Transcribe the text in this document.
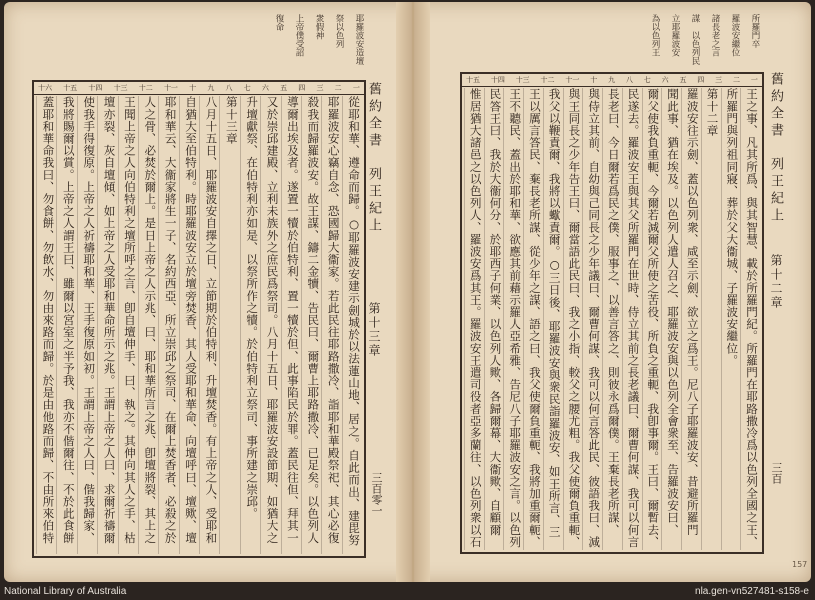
耶羅波安造壇
祭以色列
衆假神
上帝僕受詔
復命
一
二
三
四
五
六
七
八
九
十
十一
十二
十三
十四
十五
十六
從耶和華、遵命而歸。○耶羅波安建示劍城於以法蓮山地、居之。自此而出、建毘努
耶羅波安心竊自念、恐國歸大衞家。若此民往耶路撒冷、詣耶和華殿祭祀、其心必復
殺我而歸羅波安。故王謀、鑄二金犢、告民曰、爾曹上耶路撒冷、已足矣。以色列人
導爾出埃及者。遂置一犢於伯特利、置一犢於但、此事陷民於罪。蓋民往但、拜其一
又於崇邱建殿、立利未族外之庶民爲祭司。八月十五日、耶羅波安設節期、如猶大之
升壇獻祭、在伯特利亦如是、以祭所作之犢。於伯特利立祭司、事所建之崇邱。
第十三章
八月十五日、耶羅波安自擇之日、立節期於伯特利、升壇焚香。有上帝之人、受耶和
自猶大至伯特利。時耶羅波安立於壇旁焚香、其人受耶和華命、向壇呼曰、壇歟、壇
耶和華云、大衞家將生一子、名約西亞、所立崇邱之祭司、在爾上焚香者、必殺之於
人之骨、必焚於爾上。是日上帝之人示兆、曰、耶和華所言之兆、卽壇將裂、其上之
王聞上帝之人向伯特利之壇所呼之言、卽自壇伸手、曰、執之。其伸向其人之手、枯
壇亦裂、灰自壇傾、如上帝之人受耶和華命所示之兆。王謂上帝之人曰、求爾祈禱爾
使我手得復原。上帝之人祈禱耶和華、王手復原如初。王謂上帝之人曰、偕我歸家、
我將賜爾以賞。上帝之人謂王曰、雖爾以宮室之半予我、我亦不偕爾往、不於此食餅
蓋耶和華命我曰、勿食餅、勿飲水、勿由來路而歸。於是由他路而歸、不由所來伯特
舊約全書　列王紀上
第十三章
三百零一
所羅門卒
羅波安繼位
諸長老之言
謀　以色列民
立耶羅波安
為以色列王
一
二
三
四
五
六
七
八
九
十
十一
十二
十三
十四
十五
王之事、凡其所爲、與其智慧、載於所羅門紀。所羅門在耶路撒冷爲以色列全國之王、
所羅門與列祖同寢、葬於父大衞城、子羅波安繼位。
第十二章
羅波安往示劍、蓋以色列衆、咸至示劍、欲立之爲王。尼八子耶羅波安、昔避所羅門
聞此事、猶在埃及。以色列人遣人召之、耶羅波安與以色列全會衆至、告羅波安曰、
爾父使我負重軛、今爾若減爾父所使之苦役、所負之重軛、我卽事爾。王曰、爾暫去、
民遂去。羅波安王與其父所羅門在世時、侍立其前之長老議曰、爾曹何謀、我可以何言
長老曰、今日爾若爲民之僕、服事之、以善言答之、則彼永爲爾僕。王棄長老所謀、
與侍立其前、自幼與己同長之少年議曰、爾曹何謀、我可以何言答此民、彼語我曰、減
與王同長之少年告王曰、爾當語此民曰、我之小指、較父之腰尤粗。我父使爾負重軛、
我父以鞭責爾、我將以蠍責爾。○三日後、耶羅波安與衆民詣羅波安、如王所言、三
王以厲言答民、棄長老所謀、從少年之謀、語之曰、我父使爾負重軛、我將加重爾軛、
王不聽民、蓋出於耶和華、欲應其前藉示羅人亞希雅、告尼八子耶羅波安之言。以色列
民答王曰、我於大衞何分、於耶西子何業、以色列人歟、各歸爾幕、大衞歟、自顧爾
惟居猶大諸邑之以色列人、羅波安爲其王。羅波安王遣司役者亞多蘭往、以色列衆以石
舊約全書　列王紀上
第十二章
三百
157
National Library of Australia	nla.gen-vn527481-s158-e
